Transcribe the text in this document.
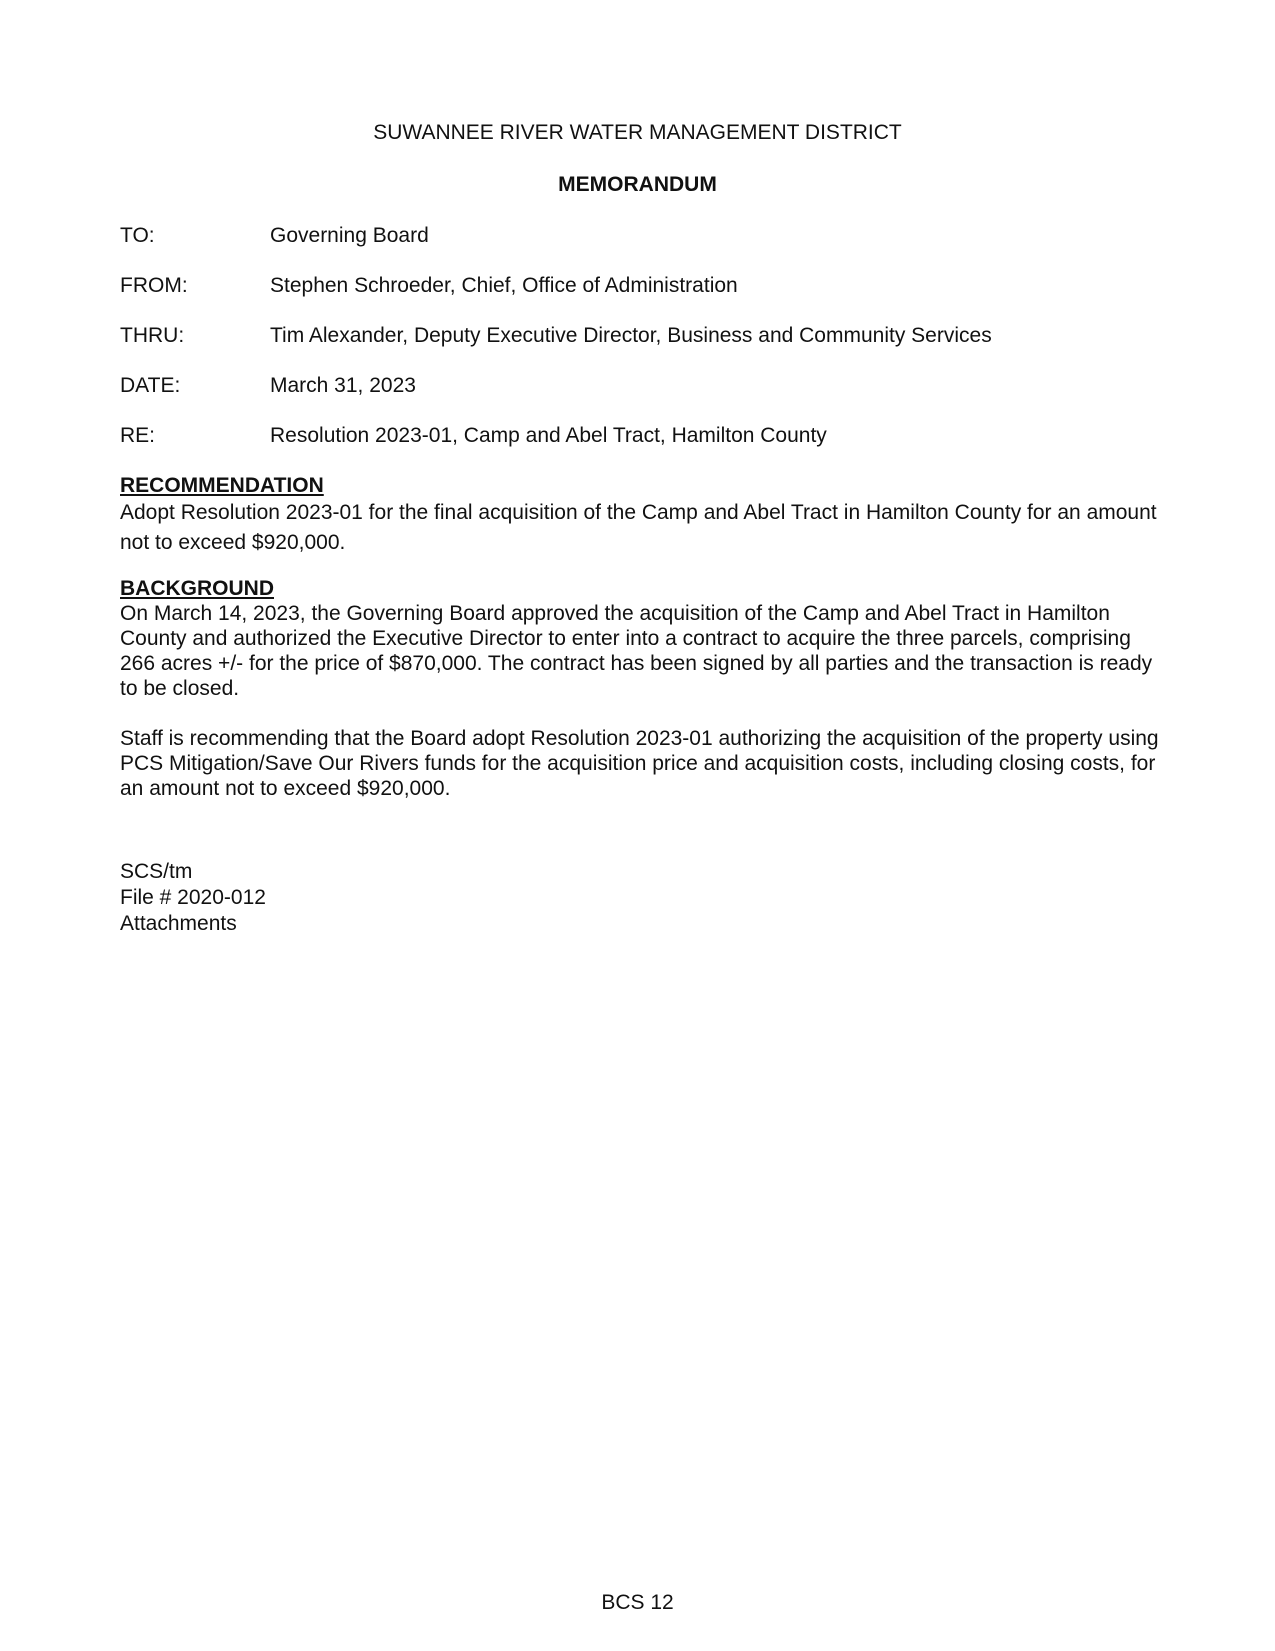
SUWANNEE RIVER WATER MANAGEMENT DISTRICT
MEMORANDUM
TO:	Governing Board
FROM:	Stephen Schroeder, Chief, Office of Administration
THRU:	Tim Alexander, Deputy Executive Director, Business and Community Services
DATE:	March 31, 2023
RE:	Resolution 2023-01, Camp and Abel Tract, Hamilton County
RECOMMENDATION
Adopt Resolution 2023-01 for the final acquisition of the Camp and Abel Tract in Hamilton County for an amount not to exceed $920,000.
BACKGROUND
On March 14, 2023, the Governing Board approved the acquisition of the Camp and Abel Tract in Hamilton County and authorized the Executive Director to enter into a contract to acquire the three parcels, comprising 266 acres +/- for the price of $870,000. The contract has been signed by all parties and the transaction is ready to be closed.
Staff is recommending that the Board adopt Resolution 2023-01 authorizing the acquisition of the property using PCS Mitigation/Save Our Rivers funds for the acquisition price and acquisition costs, including closing costs, for an amount not to exceed $920,000.
SCS/tm
File # 2020-012
Attachments
BCS 12
